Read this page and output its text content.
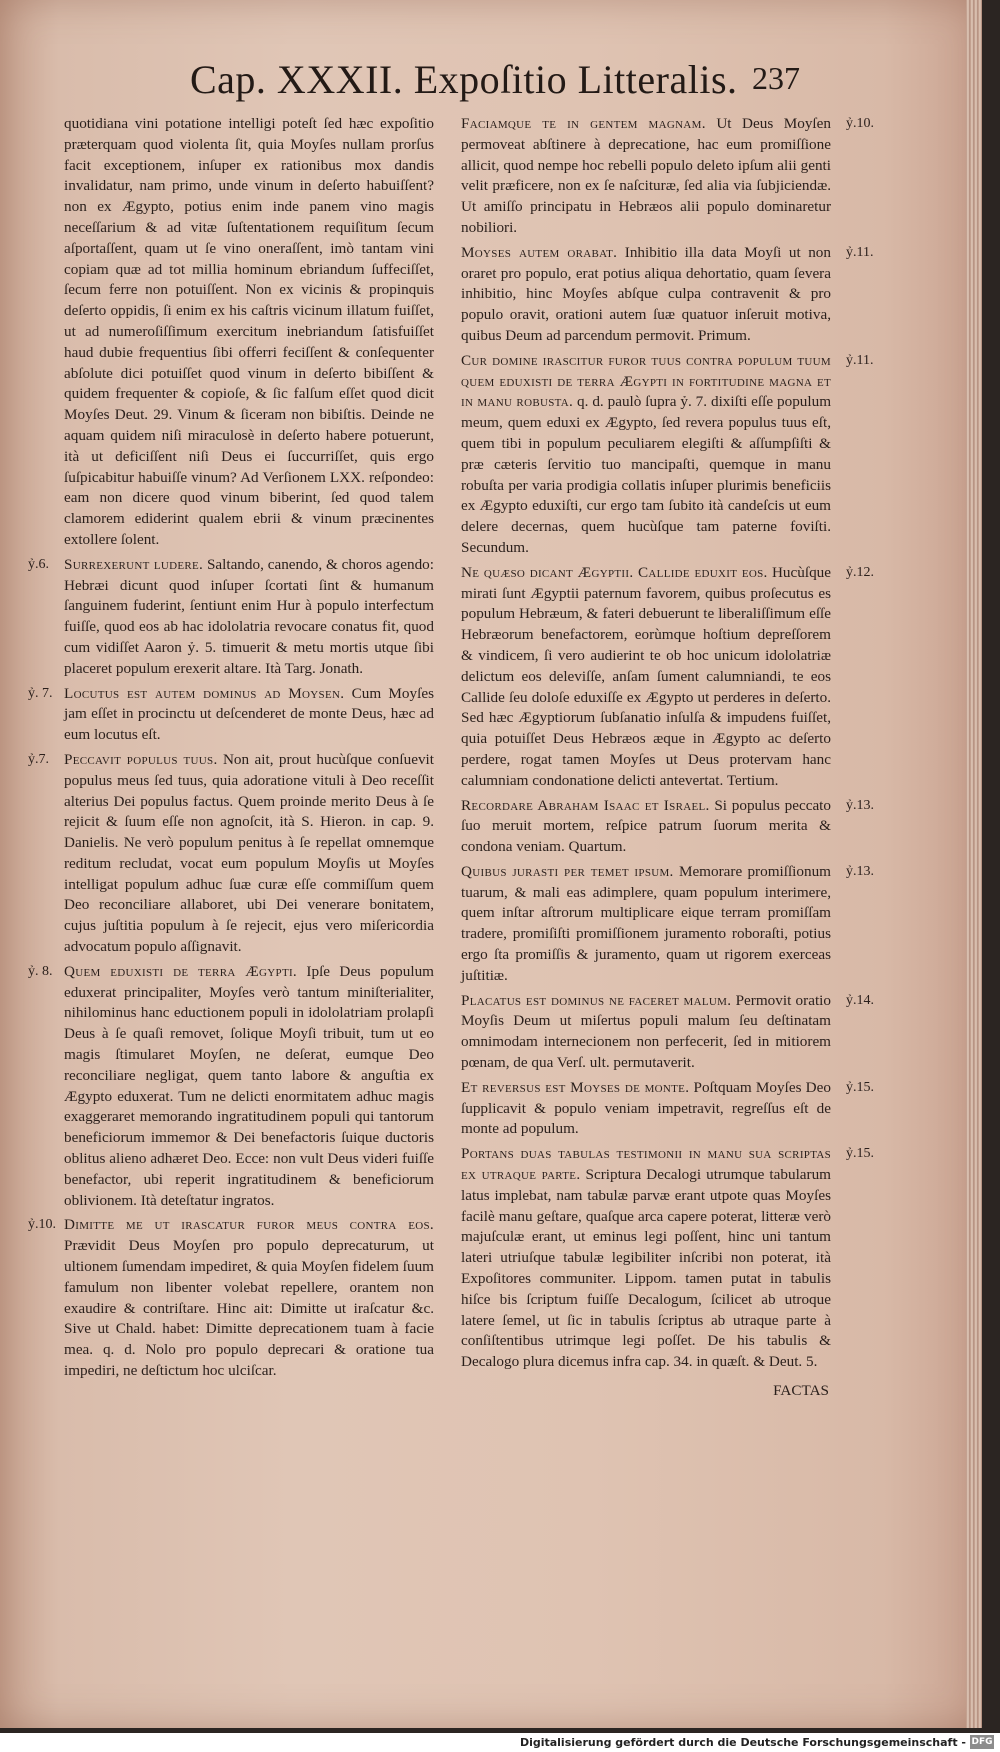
Cap. XXXII. Expoſitio Litteralis. 237
quotidiana vini potatione intelligi poteſt ſed hæc expoſitio præterquam quod violenta ſit, quia Moyſes nullam prorſus facit exceptionem, inſuper ex rationibus mox dandis invalidatur, nam primo, unde vinum in deſerto habuiſſent? non ex Ægypto, potius enim inde panem vino magis neceſſarium & ad vitæ ſuſtentationem requiſitum ſecum aſportaſſent, quam ut ſe vino oneraſſent, imò tantam vini copiam quæ ad tot millia hominum ebriandum ſuffeciſſet, ſecum ferre non potuiſſent. Non ex vicinis & propinquis deſerto oppidis, ſi enim ex his caſtris vicinum illatum fuiſſet, ut ad numeroſiſſimum exercitum inebriandum ſatisfuiſſet haud dubie frequentius ſibi offerri feciſſent & conſequenter abſolute dici potuiſſet quod vinum in deſerto bibiſſent & quidem frequenter & copioſe, & ſic falſum eſſet quod dicit Moyſes Deut. 29. Vinum & ſiceram non bibiſtis. Deinde ne aquam quidem niſi miraculosè in deſerto habere potuerunt, ità ut deficiſſent niſi Deus ei ſuccurriſſet, quis ergo ſuſpicabitur habuiſſe vinum? Ad Verſionem LXX. reſpondeo: eam non dicere quod vinum biberint, ſed quod talem clamorem ediderint qualem ebrii & vinum præcinentes extollere ſolent.
ỷ.6. Surrexerunt ludere. Saltando, canendo, & choros agendo: Hebræi dicunt quod inſuper ſcortati ſint & humanum ſanguinem fuderint, ſentiunt enim Hur à populo interfectum fuiſſe, quod eos ab hac idololatria revocare conatus fit, quod cum vidiſſet Aaron ỷ. 5. timuerit & metu mortis utque ſibi placeret populum erexerit altare. Ità Targ. Jonath.
ỷ. 7. Locutus est autem dominus ad Moysen. Cum Moyſes jam eſſet in procinctu ut deſcenderet de monte Deus, hæc ad eum locutus eſt.
ỷ.7. Peccavit populus tuus. Non ait, prout hucùſque conſuevit populus meus ſed tuus, quia adoratione vituli à Deo receſſit alterius Dei populus factus. Quem proinde merito Deus à ſe rejicit & ſuum eſſe non agnoſcit, ità S. Hieron. in cap. 9. Danielis. Ne verò populum penitus à ſe repellat omnemque reditum recludat, vocat eum populum Moyſis ut Moyſes intelligat populum adhuc ſuæ curæ eſſe commiſſum quem Deo reconciliare allaboret, ubi Dei venerare bonitatem, cujus juſtitia populum à ſe rejecit, ejus vero miſericordia advocatum populo aſſignavit.
ỷ. 8. Quem eduxisti de terra Ægypti. Ipſe Deus populum eduxerat principaliter, Moyſes verò tantum miniſterialiter, nihilominus hanc eductionem populi in idololatriam prolapſi Deus à ſe quaſi removet, ſolique Moyſi tribuit, tum ut eo magis ſtimularet Moyſen, ne deſerat, eumque Deo reconciliare negligat, quem tanto labore & anguſtia ex Ægypto eduxerat. Tum ne delicti enormitatem adhuc magis exaggeraret memorando ingratitudinem populi qui tantorum beneficiorum immemor & Dei benefactoris ſuique ductoris oblitus alieno adhæret Deo. Ecce: non vult Deus videri fuiſſe benefactor, ubi reperit ingratitudinem & beneficiorum oblivionem. Ità deteſtatur ingratos.
ỷ.10. Dimitte me ut irascatur furor meus contra eos. Prævidit Deus Moyſen pro populo deprecaturum, ut ultionem ſumendam impediret, & quia Moyſen fidelem ſuum famulum non libenter volebat repellere, orantem non exaudire & contriſtare. Hinc ait: Dimitte ut iraſcatur &c. Sive ut Chald. habet: Dimitte deprecationem tuam à facie mea. q. d. Nolo pro populo deprecari & oratione tua impediri, ne deſtictum hoc ulciſcar.
ỷ.10.
Faciamque te in gentem magnam. Ut Deus Moyſen permoveat abſtinere à deprecatione, hac eum promiſſione allicit, quod nempe hoc rebelli populo deleto ipſum alii genti velit præficere, non ex ſe naſcituræ, ſed alia via ſubjiciendæ. Ut amiſſo principatu in Hebræos alii populo dominaretur nobiliori.
ỷ.11.
Moyses autem orabat. Inhibitio illa data Moyſi ut non oraret pro populo, erat potius aliqua dehortatio, quam ſevera inhibitio, hinc Moyſes abſque culpa contravenit & pro populo oravit, orationi autem ſuæ quatuor inſeruit motiva, quibus Deum ad parcendum permovit. Primum.
ỷ.11.
Cur domine irascitur furor tuus contra populum tuum quem eduxisti de terra Ægypti in fortitudine magna et in manu robusta. q. d. paulò ſupra ỷ. 7. dixiſti eſſe populum meum, quem eduxi ex Ægypto, ſed revera populus tuus eſt, quem tibi in populum peculiarem elegiſti & aſſumpſiſti & præ cæteris ſervitio tuo mancipaſti, quemque in manu robuſta per varia prodigia collatis inſuper plurimis beneficiis ex Ægypto eduxiſti, cur ergo tam ſubito ità candeſcis ut eum delere decernas, quem hucùſque tam paterne foviſti. Secundum.
ỷ.12.
Ne quæso dicant Ægyptii. Callide eduxit eos. Hucùſque mirati ſunt Ægyptii paternum favorem, quibus proſecutus es populum Hebræum, & fateri debuerunt te liberaliſſimum eſſe Hebræorum benefactorem, eorùmque hoſtium depreſſorem & vindicem, ſi vero audierint te ob hoc unicum idololatriæ delictum eos deleviſſe, anſam ſument calumniandi, te eos Callide ſeu doloſe eduxiſſe ex Ægypto ut perderes in deſerto. Sed hæc Ægyptiorum ſubſanatio inſulſa & impudens fuiſſet, quia potuiſſet Deus Hebræos æque in Ægypto ac deſerto perdere, rogat tamen Moyſes ut Deus protervam hanc calumniam condonatione delicti antevertat. Tertium.
ỷ.13.
Recordare Abraham Isaac et Israel. Si populus peccato ſuo meruit mortem, reſpice patrum ſuorum merita & condona veniam. Quartum.
ỷ.13.
Quibus jurasti per temet ipsum. Memorare promiſſionum tuarum, & mali eas adimplere, quam populum interimere, quem inſtar aſtrorum multiplicare eique terram promiſſam tradere, promiſiſti promiſſionem juramento roboraſti, potius ergo ſta promiſſis & juramento, quam ut rigorem exerceas juſtitiæ.
ỷ.14.
Placatus est dominus ne faceret malum. Permovit oratio Moyſis Deum ut miſertus populi malum ſeu deſtinatam omnimodam internecionem non perfecerit, ſed in mitiorem pœnam, de qua Verſ. ult. permutaverit.
ỷ.15.
Et reversus est Moyses de monte. Poſtquam Moyſes Deo ſupplicavit & populo veniam impetravit, regreſſus eſt de monte ad populum.
ỷ.15.
Portans duas tabulas testimonii in manu sua scriptas ex utraque parte. Scriptura Decalogi utrumque tabularum latus implebat, nam tabulæ parvæ erant utpote quas Moyſes facilè manu geſtare, quaſque arca capere poterat, litteræ verò majuſculæ erant, ut eminus legi poſſent, hinc uni tantum lateri utriuſque tabulæ legibiliter inſcribi non poterat, ità Expoſitores communiter. Lippom. tamen putat in tabulis hiſce bis ſcriptum fuiſſe Decalogum, ſcilicet ab utroque latere ſemel, ut ſic in tabulis ſcriptus ab utraque parte à conſiſtentibus utrimque legi poſſet. De his tabulis & Decalogo plura dicemus infra cap. 34. in quæſt. & Deut. 5.
FACTAS
Digitalisierung gefördert durch die Deutsche Forschungsgemeinschaft - DFG
